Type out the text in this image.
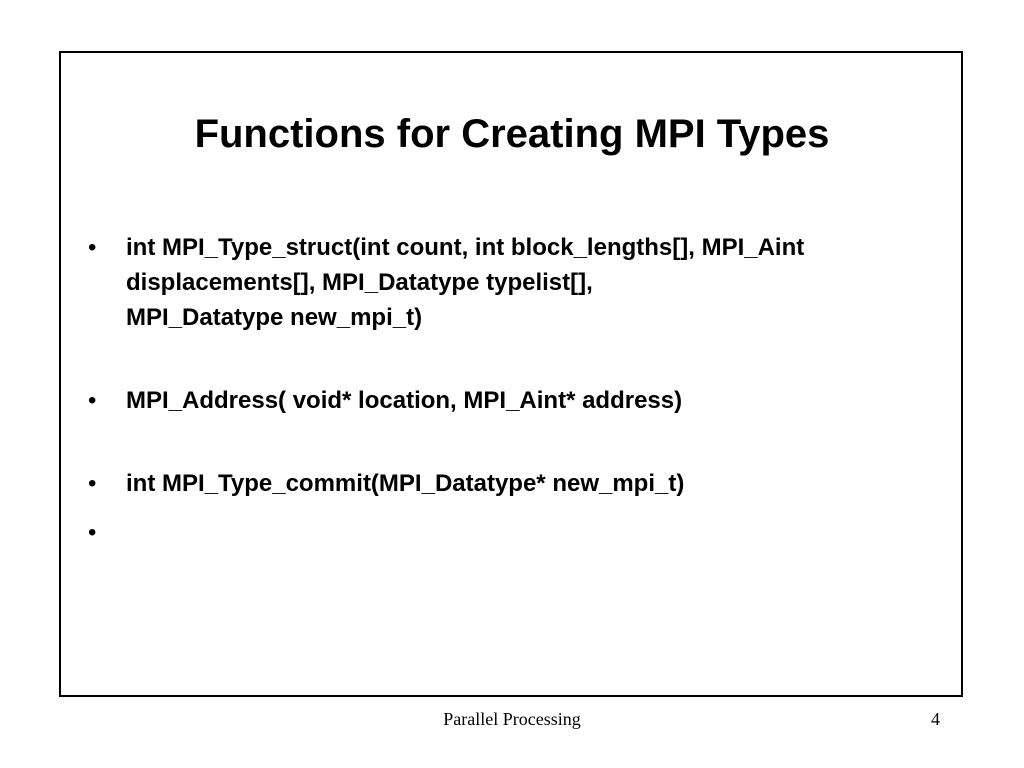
Functions for Creating MPI Types
• int MPI_Type_struct(int count, int block_lengths[], MPI_Aint
displacements[], MPI_Datatype typelist[],
MPI_Datatype new_mpi_t)
• MPI_Address( void* location, MPI_Aint* address)
• int MPI_Type_commit(MPI_Datatype* new_mpi_t)
•
Parallel Processing	4
